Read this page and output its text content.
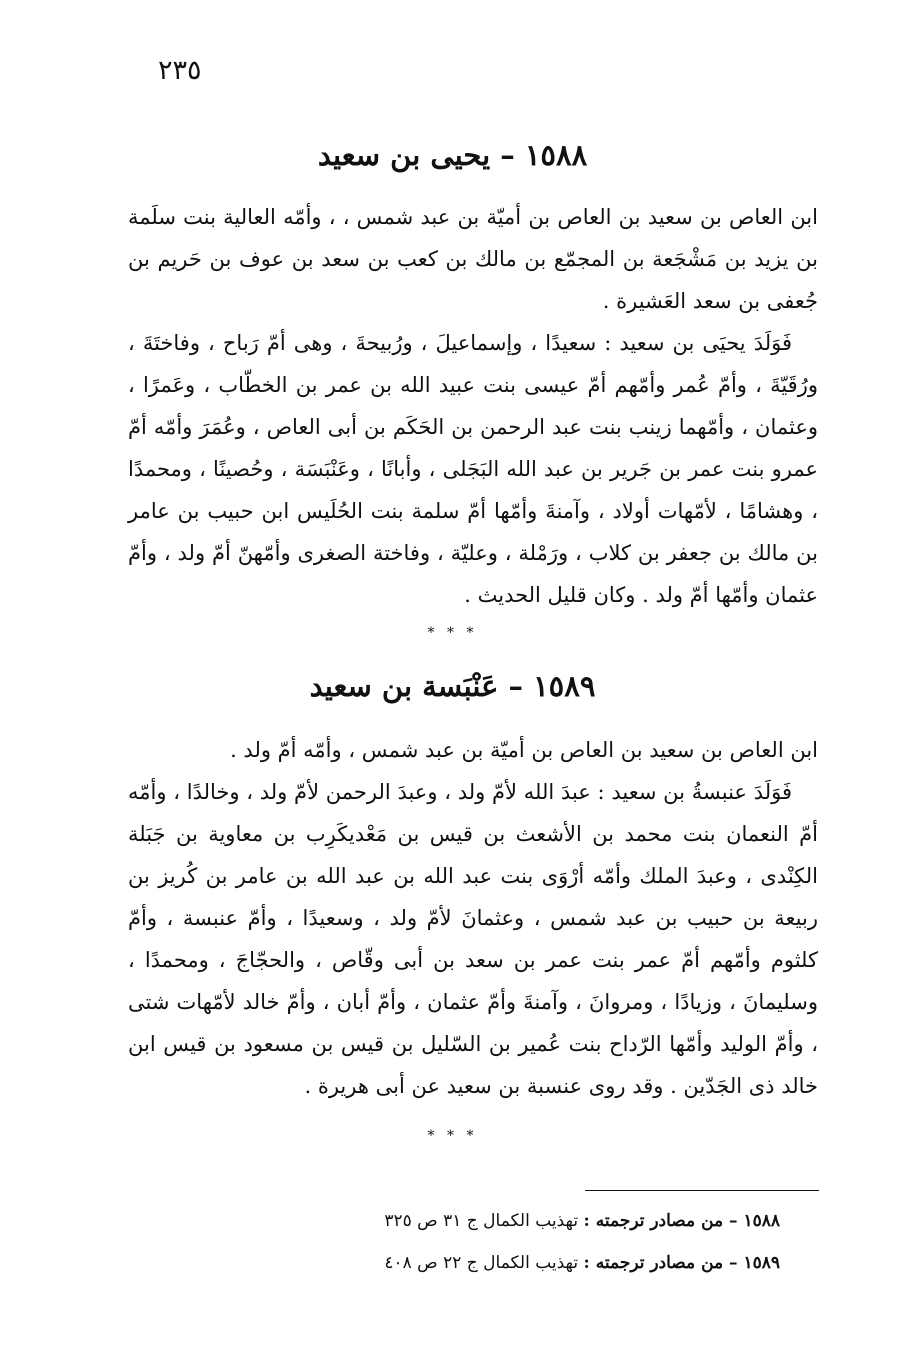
٢٣٥
١٥٨٨ – يحيى بن سعيد

ابن العاص بن سعيد بن العاص بن أميّة بن عبد شمس ، ، وأمّه العالية بنت سلَمة بن يزيد بن مَشْجَعة بن المجمّع بن مالك بن كعب بن سعد بن عوف بن حَريم بن جُعفى بن سعد العَشيرة .

فَوَلَدَ يحيَى بن سعيد : سعيدًا ، وإسماعيلَ ، ورُبيحةَ ، وهى أمّ رَباح ، وفاختَةَ ، ورُقَيّةَ ، وأمّ عُمر وأمّهم أمّ عيسى بنت عبيد الله بن عمر بن الخطّاب ، وعَمرًا ، وعثمان ، وأمّهما زينب بنت عبد الرحمن بن الحَكَم بن أبى العاص ، وعُمَرَ وأمّه أمّ عمرو بنت عمر بن جَرير بن عبد الله البَجَلى ، وأبانًا ، وعَنْبَسَة ، وحُصينًا ، ومحمدًا ، وهشامًا ، لأمّهات أولاد ، وآمنةَ وأمّها أمّ سلمة بنت الحُلَيس ابن حبيب بن عامر بن مالك بن جعفر بن كلاب ، ورَمْلة ، وعليّة ، وفاختة الصغرى وأمّهنّ أمّ ولد ، وأمّ عثمان وأمّها أمّ ولد . وكان قليل الحديث .

* * *
١٥٨٩ – عَنْبَسة بن سعيد

ابن العاص بن سعيد بن العاص بن أميّة بن عبد شمس ، وأمّه أمّ ولد .

فَوَلَدَ عنبسةُ بن سعيد : عبدَ الله لأمّ ولد ، وعبدَ الرحمن لأمّ ولد ، وخالدًا ، وأمّه أمّ النعمان بنت محمد بن الأشعث بن قيس بن مَعْديكَرِب بن معاوية بن جَبَلة الكِنْدى ، وعبدَ الملك وأمّه أرْوَى بنت عبد الله بن عبد الله بن عامر بن كُريز بن ربيعة بن حبيب بن عبد شمس ، وعثمانَ لأمّ ولد ، وسعيدًا ، وأمّ عنبسة ، وأمّ كلثوم وأمّهم أمّ عمر بنت عمر بن سعد بن أبى وقّاص ، والحجّاجَ ، ومحمدًا ، وسليمانَ ، وزيادًا ، ومروانَ ، وآمنةَ وأمّ عثمان ، وأمّ أبان ، وأمّ خالد لأمّهات شتى ، وأمّ الوليد وأمّها الرّداح بنت عُمير بن السّليل بن قيس بن مسعود بن قيس ابن خالد ذى الجَدّين . وقد روى عنسبة بن سعيد عن أبى هريرة .

* * *
١٥٨٨ – من مصادر ترجمته : تهذيب الكمال ج ٣١ ص ٣٢٥
١٥٨٩ – من مصادر ترجمته : تهذيب الكمال ج ٢٢ ص ٤٠٨
